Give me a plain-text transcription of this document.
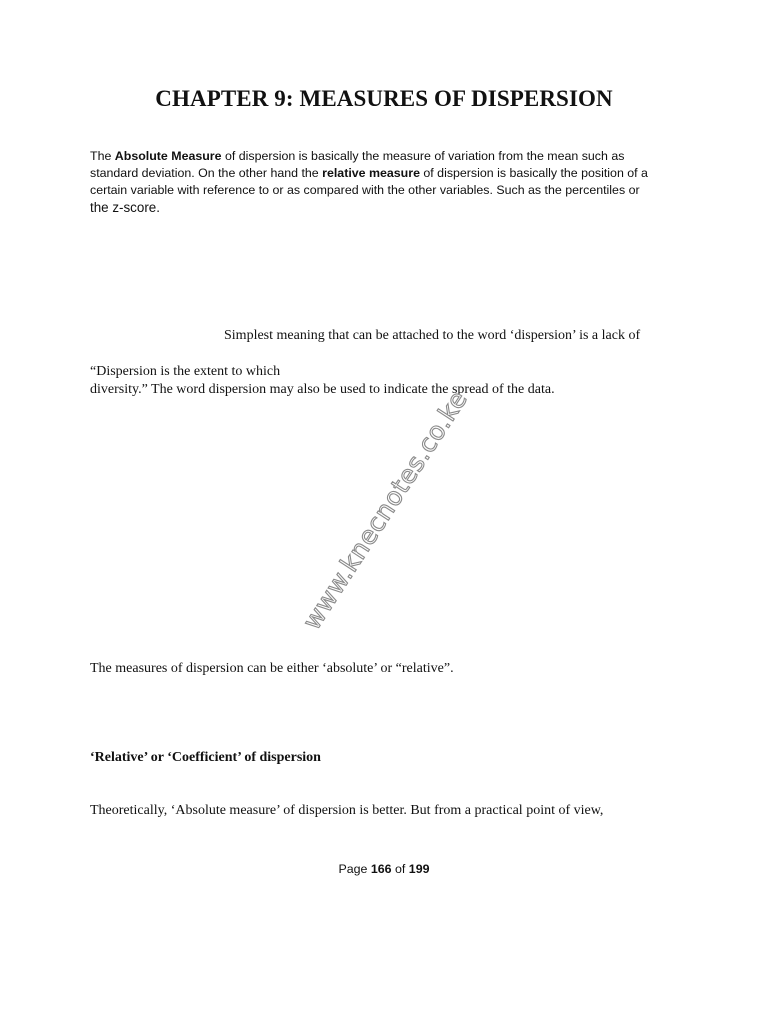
CHAPTER 9: MEASURES OF DISPERSION
The Absolute Measure of dispersion is basically the measure of variation from the mean such as
standard deviation. On the other hand the relative measure of dispersion is basically the position of a
certain variable with reference to or as compared with the other variables. Such as the percentiles or
the z-score.

Simplest meaning that can be attached to the word ‘dispersion’ is a lack of

“Dispersion is the extent to which

diversity.” The word dispersion may also be used to indicate the spread of the data.

www.knecnotes.co.ke

The measures of dispersion can be either ‘absolute’ or “relative”.

‘Relative’ or ‘Coefficient’ of dispersion

Theoretically, ‘Absolute measure’ of dispersion is better. But from a practical point of view,

Page 166 of 199
